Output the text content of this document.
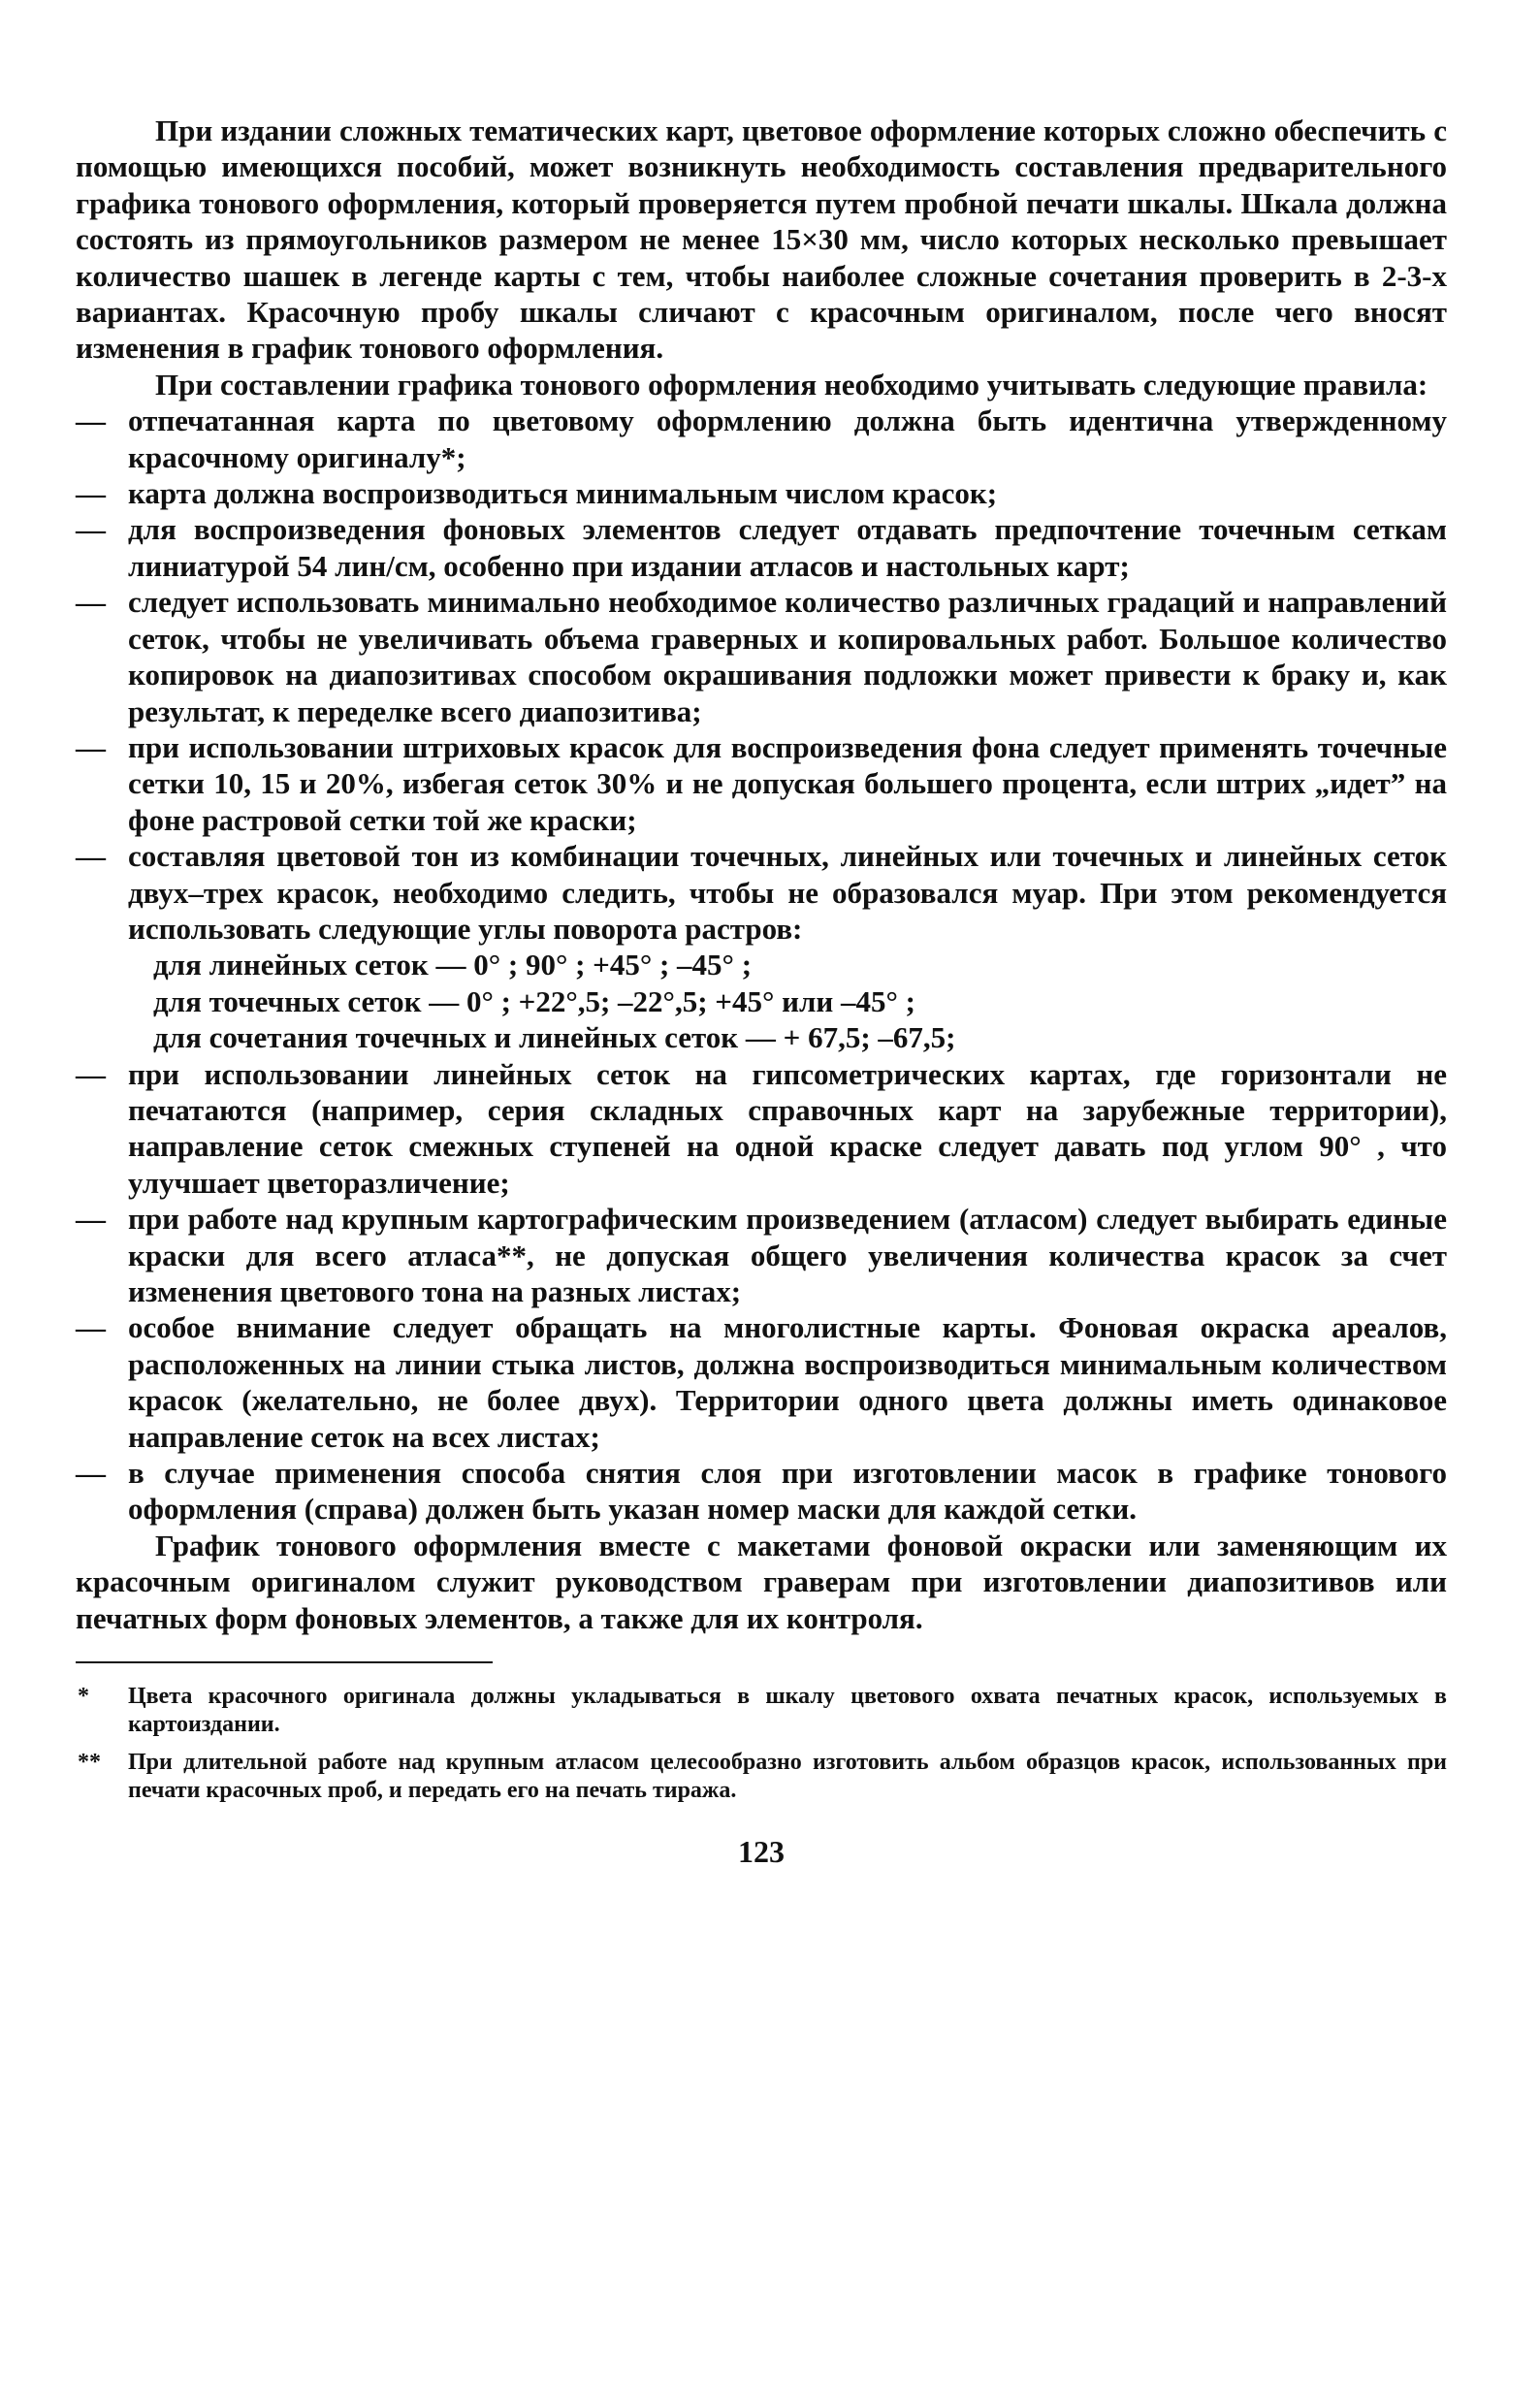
При издании сложных тематических карт, цветовое оформление которых сложно обеспечить с помощью имеющихся пособий, может возникнуть необходимость составления предварительного графика тонового оформления, который проверяется путем пробной печати шкалы. Шкала должна состоять из прямоугольников размером не менее 15×30 мм, число которых несколько превышает количество шашек в легенде карты с тем, чтобы наиболее сложные сочетания проверить в 2-3-х вариантах. Красочную пробу шкалы сличают с красочным оригиналом, после чего вносят изменения в график тонового оформления.

При составлении графика тонового оформления необходимо учитывать следующие правила:

— отпечатанная карта по цветовому оформлению должна быть идентична утвержденному красочному оригиналу*;
— карта должна воспроизводиться минимальным числом красок;
— для воспроизведения фоновых элементов следует отдавать предпочтение точечным сеткам линиатурой 54 лин/см, особенно при издании атласов и настольных карт;
— следует использовать минимально необходимое количество различных градаций и направлений сеток, чтобы не увеличивать объема граверных и копировальных работ. Большое количество копировок на диапозитивах способом окрашивания подложки может привести к браку и, как результат, к переделке всего диапозитива;
— при использовании штриховых красок для воспроизведения фона следует применять точечные сетки 10, 15 и 20%, избегая сеток 30% и не допуская большего процента, если штрих „идет” на фоне растровой сетки той же краски;
— составляя цветовой тон из комбинации точечных, линейных или точечных и линейных сеток двух–трех красок, необходимо следить, чтобы не образовался муар. При этом рекомендуется использовать следующие углы поворота растров:

для линейных сеток — 0° ; 90° ; +45° ; –45° ;

для точечных сеток — 0° ; +22°,5; –22°,5; +45° или –45° ;

для сочетания точечных и линейных сеток — + 67,5; –67,5;

— при использовании линейных сеток на гипсометрических картах, где горизонтали не печатаются (например, серия складных справочных карт на зарубежные территории), направление сеток смежных ступеней на одной краске следует давать под углом 90° , что улучшает цветоразличение;
— при работе над крупным картографическим произведением (атласом) следует выбирать единые краски для всего атласа**, не допуская общего увеличения количества красок за счет изменения цветового тона на разных листах;
— особое внимание следует обращать на многолистные карты. Фоновая окраска ареалов, расположенных на линии стыка листов, должна воспроизводиться минимальным количеством красок (желательно, не более двух). Территории одного цвета должны иметь одинаковое направление сеток на всех листах;
— в случае применения способа снятия слоя при изготовлении масок в графике тонового оформления (справа) должен быть указан номер маски для каждой сетки.

График тонового оформления вместе с макетами фоновой окраски или заменяющим их красочным оригиналом служит руководством граверам при изготовлении диапозитивов или печатных форм фоновых элементов, а также для их контроля.

* Цвета красочного оригинала должны укладываться в шкалу цветового охвата печатных красок, используемых в картоиздании.
** При длительной работе над крупным атласом целесообразно изготовить альбом образцов красок, использованных при печати красочных проб, и передать его на печать тиража.
123
